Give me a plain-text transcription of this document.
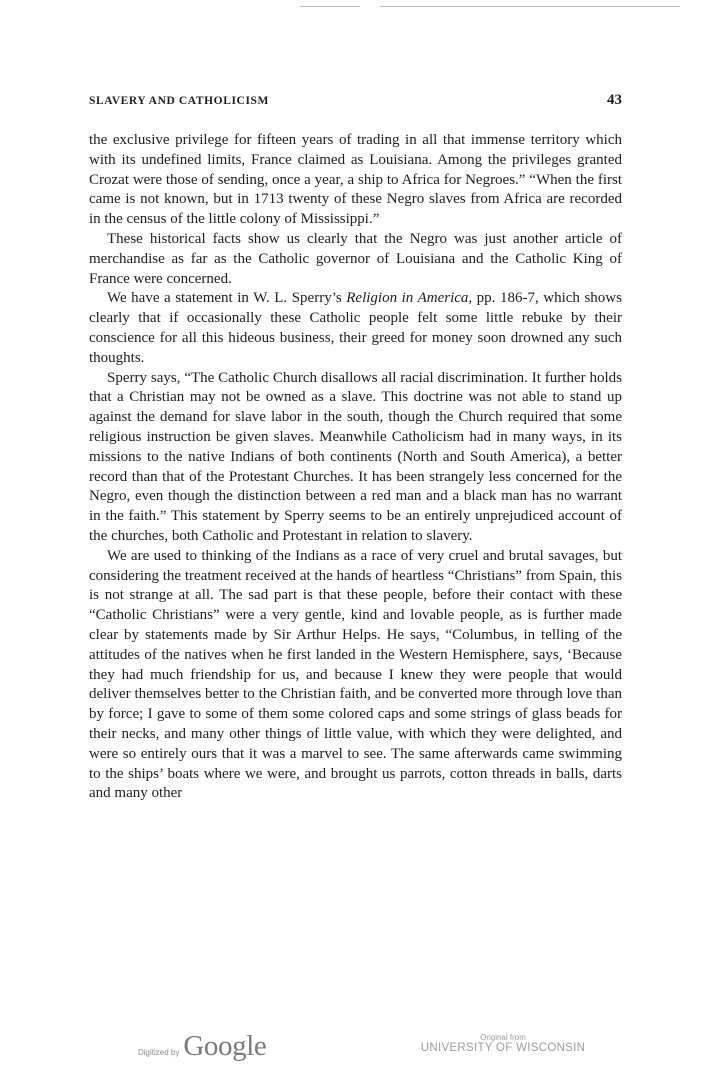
SLAVERY AND CATHOLICISM	43

the exclusive privilege for fifteen years of trading in all that immense territory which with its undefined limits, France claimed as Louisiana. Among the privileges granted Crozat were those of sending, once a year, a ship to Africa for Negroes.” “When the first came is not known, but in 1713 twenty of these Negro slaves from Africa are recorded in the census of the little colony of Mississippi.”

These historical facts show us clearly that the Negro was just another article of merchandise as far as the Catholic governor of Louisiana and the Catholic King of France were concerned.

We have a statement in W. L. Sperry’s Religion in America, pp. 186-7, which shows clearly that if occasionally these Catholic people felt some little rebuke by their conscience for all this hideous business, their greed for money soon drowned any such thoughts.

Sperry says, “The Catholic Church disallows all racial discrimination. It further holds that a Christian may not be owned as a slave. This doctrine was not able to stand up against the demand for slave labor in the south, though the Church required that some religious instruction be given slaves. Meanwhile Catholicism had in many ways, in its missions to the native Indians of both continents (North and South America), a better record than that of the Protestant Churches. It has been strangely less concerned for the Negro, even though the distinction between a red man and a black man has no warrant in the faith.” This statement by Sperry seems to be an entirely unprejudiced account of the churches, both Catholic and Protestant in relation to slavery.

We are used to thinking of the Indians as a race of very cruel and brutal savages, but considering the treatment received at the hands of heartless “Christians” from Spain, this is not strange at all. The sad part is that these people, before their contact with these “Catholic Christians” were a very gentle, kind and lovable people, as is further made clear by statements made by Sir Arthur Helps. He says, “Columbus, in telling of the attitudes of the natives when he first landed in the Western Hemisphere, says, ‘Because they had much friendship for us, and because I knew they were people that would deliver themselves better to the Christian faith, and be converted more through love than by force; I gave to some of them some colored caps and some strings of glass beads for their necks, and many other things of little value, with which they were delighted, and were so entirely ours that it was a marvel to see. The same afterwards came swimming to the ships’ boats where we were, and brought us parrots, cotton threads in balls, darts and many other

Digitized by Google	Original from
UNIVERSITY OF WISCONSIN
